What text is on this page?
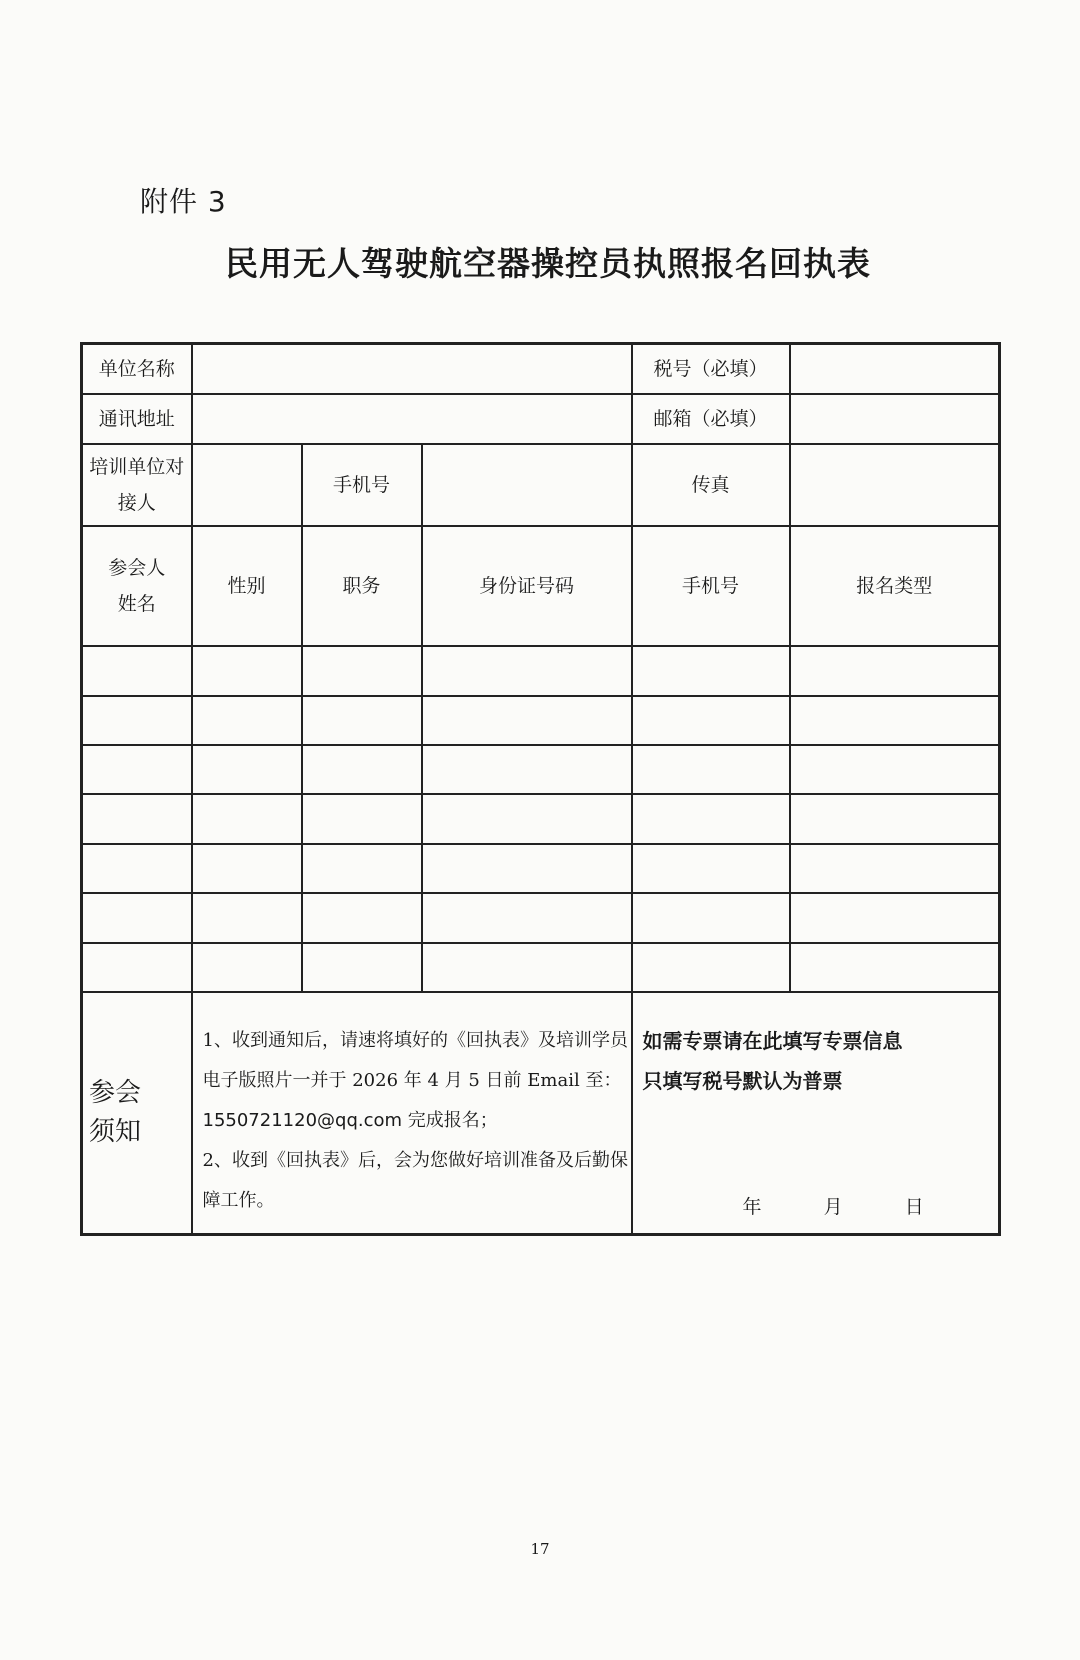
附件 3
民用无人驾驶航空器操控员执照报名回执表
单位名称				税号（必填）	
通讯地址				邮箱（必填）	

培训单位对
接人		手机号		传真	

参会人
姓名	性别	职务	身份证号码	手机号	报名类型

参会
须知	1、收到通知后，请速将填好的《回执表》及培训学员
电子版照片一并于 2026 年 4 月 5 日前 Email 至：
1550721120@qq.com 完成报名；
2、收到《回执表》后，会为您做好培训准备及后勤保
障工作。			如需专票请在此填写专票信息
只填写税号默认为普票
年 月 日	
17
